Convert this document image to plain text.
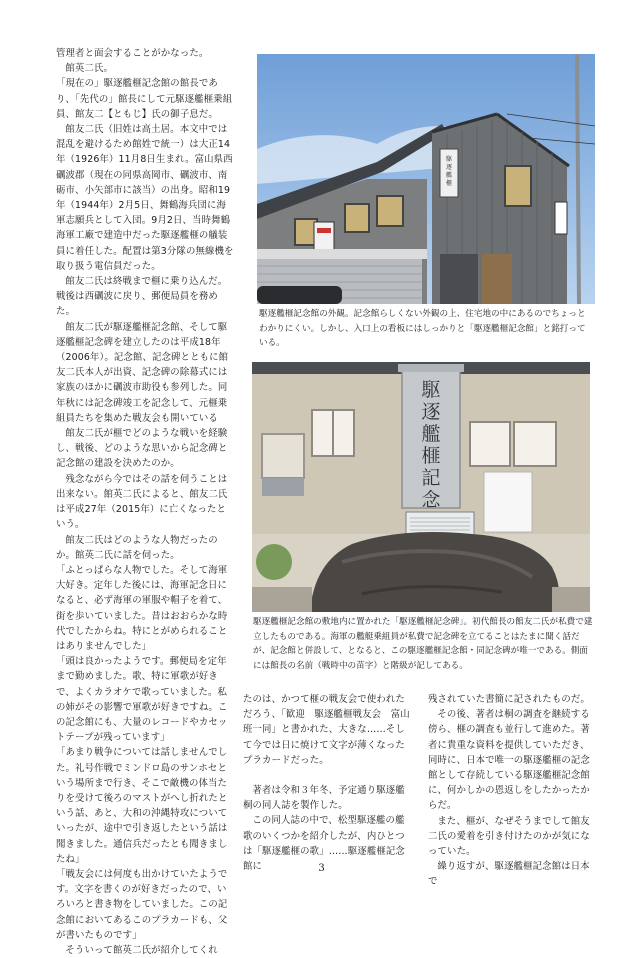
管理者と面会することがかなった。

館英二氏。

「現在の」駆逐艦榧記念館の館長であり、「先代の」館長にして元駆逐艦榧乗組員、館友二【ともじ】氏の御子息だ。

館友二氏（旧姓は高土居。本文中では混乱を避けるため館姓で統一）は大正14年（1926年）11月8日生まれ。富山県西礪波郡（現在の同県高岡市、礪波市、南砺市、小矢部市に該当）の出身。昭和19年（1944年）2月5日、舞鶴海兵団に海軍志願兵として入団。9月2日、当時舞鶴海軍工廠で建造中だった駆逐艦榧の艤装員に着任した。配置は第3分隊の無線機を取り扱う電信員だった。

館友二氏は終戦まで榧に乗り込んだ。戦後は西礪波に戻り、郵便局員を務めた。

館友二氏が駆逐艦榧記念館、そして駆逐艦榧記念碑を建立したのは平成18年（2006年）。記念館、記念碑とともに館友二氏本人が出資、記念碑の除幕式には家族のほかに礪波市助役も参列した。同年秋には記念碑竣工を記念して、元榧乗組員たちを集めた戦友会も開いている

館友二氏が榧でどのような戦いを経験し、戦後、どのような思いから記念碑と記念館の建設を決めたのか。

残念ながら今ではその話を伺うことは出来ない。館英二氏によると、館友二氏は平成27年（2015年）に亡くなったという。

館友二氏はどのような人物だったのか。館英二氏に話を伺った。

「ふとっぱらな人物でした。そして海軍大好き。定年した後には、海軍記念日になると、必ず海軍の軍服や帽子を着て、街を歩いていました。昔はおおらかな時代でしたからね。特にとがめられることはありませんでした」

「頭は良かったようです。郵便局を定年まで勤めました。歌、特に軍歌が好きで、よくカラオケで歌っていました。私の姉がその影響で軍歌が好きですね。この記念館にも、大量のレコードやカセットテープが残っています」

「あまり戦争については話しませんでした。礼号作戦でミンドロ島のサンホセという場所まで行き、そこで敵機の体当たりを受けて後ろのマストがへし折れたという話、あと、大和の沖縄特攻についていったが、途中で引き返したという話は聞きました。通信兵だったとも聞きましたね」

「戦友会には何度も出かけていたようです。文字を書くのが好きだったので、いろいろと書き物をしていました。この記念館においてあるこのプラカードも、父が書いたものです」

そういって館英二氏が紹介してくれ

駆
逐
艦
榧
駆逐艦榧記念館の外観。記念館らしくない外観の上、住宅地の中にあるのでちょっとわかりにくい。しかし、入口上の看板にはしっかりと「駆逐艦榧記念館」と銘打っている。
駆
逐
艦
榧
記
念
駆逐艦榧記念館の敷地内に置かれた「駆逐艦榧記念碑」。初代館長の館友二氏が私費で建立したものである。海軍の艦艇乗組員が私費で記念碑を立てることはたまに聞く話だが、記念館と併設して、となると、この駆逐艦榧記念館・同記念碑が唯一である。側面には館長の名前（戦時中の苗字）と階級が記してある。

たのは、かつて榧の戦友会で使われただろう、「歓迎　駆逐艦榧戦友会　富山班一同」と書かれた、大きな……そして今では日に焼けて文字が薄くなったプラカードだった。

著者は令和３年冬、予定通り駆逐艦桐の同人誌を製作した。

この同人誌の中で、松型駆逐艦の艦歌のいくつかを紹介したが、内ひとつは「駆逐艦榧の歌」……駆逐艦榧記念館に

残されていた書簡に記されたものだ。

その後、著者は桐の調査を継続する傍ら、榧の調査も並行して進めた。著者に貴重な資料を提供していただき、同時に、日本で唯一の駆逐艦榧の記念館として存続している駆逐艦榧記念館に、何かしかの恩返しをしたかったからだ。

また、榧が、なぜそうまでして館友二氏の愛着を引き付けたのかが気になっていた。

繰り返すが、駆逐艦榧記念館は日本で

3
